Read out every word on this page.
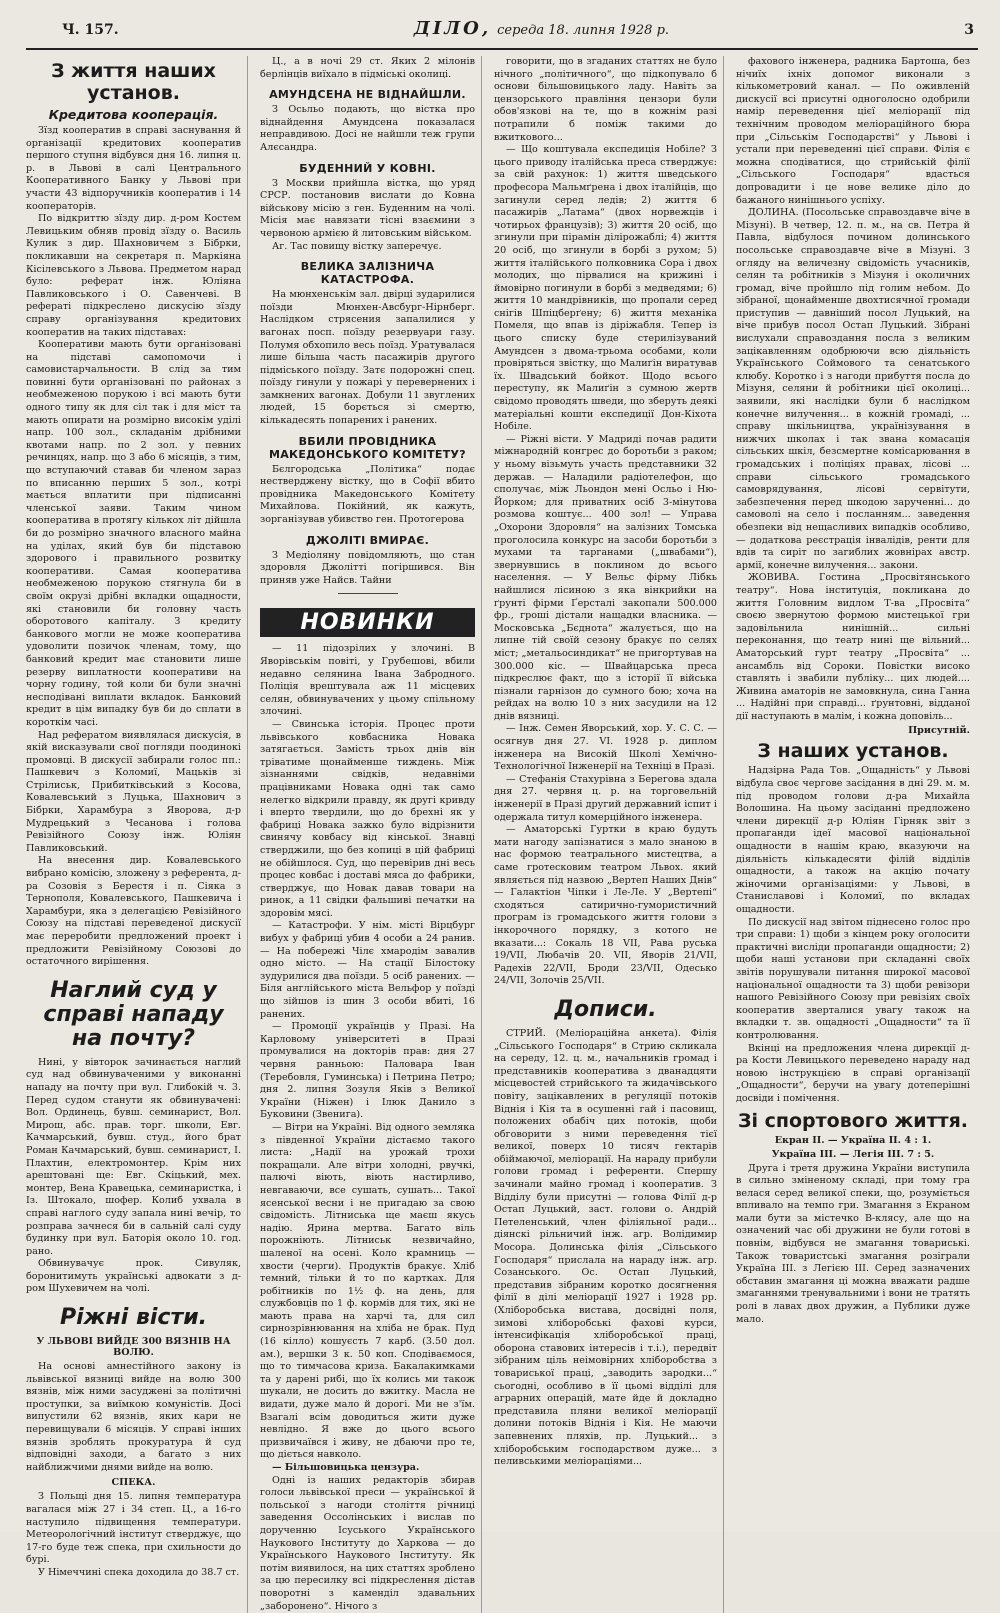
Ч. 157.	ДІЛО, середа 18. липня 1928 р.	3
З життя наших установ.
Кредитова кооперація.

Зїзд кооператив в справі заснування й організації кредитових кооператив першого ступня відбувся дня 16. липня ц. р. в Львові в салі Центрального Кооперативного Банку у Львові при участи 43 відпоручників кооператив і 14 кооператорів.

По відкриттю зїзду дир. д-ром Костем Левицьким обняв провід зїзду о. Василь Кулик з дир. Шахновичем з Бібрки, покликавши на секретаря п. Маркіяна Кісілевського з Львова. Предметом нарад було: реферат інж. Юліяна Павликовського і О. Савенчеві. В рефераті підкреслено дискусію зїзду справу організування кредитових кооператив на таких підставах:

Кооперативи мають бути організовані на підставі самопомочи і самовистарчальности. В слід за тим повинні бути організовані по районах з необмеженою порукою і всі мають бути одного типу як для сіл так і для міст та мають опирати на розмірно високім уділі напр. 100 зол., складанім дрібними квотами напр. по 2 зол. у певних речинцях, напр. що 3 або 6 місяців, з тим, що вступаючий ставав би членом зараз по вписанню перших 5 зол., котрі мається вплатити при підписанні членської заяви. Таким чином кооператива в протягу кількох літ дійшла би до розмірно значного власного майна на уділах, який був би підставою здорового і правильного розвитку кооперативи. Самая кооператива необмеженою порукою стягнула би в своїм окрузі дрібні вкладки ощадности, які становили би головну часть оборотового капіталу. З кредиту банкового могли не може кооператива удоволити позичок членам, тому, що банковий кредит має становити лише резерву виплатности кооперативи на чорну годину, той коли би були значні несподівані виплати вкладок. Банковий кредит в цім випадку був би до сплати в короткім часі.

Над рефератом виявлялася дискусія, в якій висказували свої погляди поодинокі промовці. В дискусії забирали голос пп.: Пашкевич з Коломиї, Мацьків зі Стрілиськ, Прибитківський з Косова, Ковалевський з Луцька, Шахнович з Бібрки, Харамбура з Яворова, д-р Мудрецький з Чесанова і голова Ревізійного Союзу інж. Юліян Павликовський.

На внесення дир. Ковалевського вибрано комісію, зложену з референта, д-ра Созовія з Берестя і п. Сіяка з Тернополя, Ковалевського, Пашкевича і Харамбури, яка з делегацією Ревізійного Союзу на підставі переведеної дискусії має переробити предложений проект і предложити Ревізійному Союзові до остаточного вирішення.

Наглий суд у справі нападу на почту?

Нині, у вівторок зачинається наглий суд над обвинуваченими у виконанні нападу на почту при вул. Глибокій ч. 3. Перед судом станути як обвинувачені: Вол. Ординець, бувш. семинарист, Вол. Мирош, абс. прав. торг. школи, Евг. Качмарський, бувш. студ., його брат Роман Качмарський, бувш. семинарист, І. Плахтин, електромонтер. Крім них арештовані ще: Евг. Скіцький, мех. монтер, Вена Кравецька, семинаристка, і Із. Штокало, шофер. Колиб ухвала в справі наглого суду запала нині вечір, то розправа зачнеся би в сальній салі суду будинку при вул. Баторія около 10. год. рано.

Обвинувачує прок. Сивуляк, боронитимуть українські адвокати з д-ром Шуxевичем на чолі.

Ріжні вісти.
У ЛЬВОВІ ВИЙДЕ 300 ВЯЗНІВ НА ВОЛЮ.

На основі амнестійного закону із львівської вязниці вийде на волю 300 вязнів, між ними засуджені за політичні проступки, за виїмкою комуністів. Досі випустили 62 вязнів, яких кари не перевищували 6 місяців. У справі інших вязнів зроблять прокуратура й суд відповідні заходи, а багато з них найближчими днями вийде на волю.

СПЕКА.

З Польщі дня 15. липня температура вагалася між 27 і 34 степ. Ц., а 16-го наступило підвищення температури. Метеорологічний інститут стверджує, що 17-го буде теж спека, при схильности до бурі.

У Німеччині спека доходила до 38.7 ст.

Ц., а в ночі 29 ст. Яких 2 мілонів берлінців виїхало в підміські околиці.

АМУНДСЕНА НЕ ВІДНАЙШЛИ.

З Осьльо подають, що вістка про віднайдення Амундсена показалася неправдивою. Досі не найшли теж групи Алєсандра.

БУДЕННИЙ У КОВНІ.

З Москви прийшла вістка, що уряд СРСР. постановив вислати до Ковна військову місію з ген. Буденним на чолі. Місія має навязати тісні взаємини з червоною армією й литовським військом.

Аг. Тас повищу вістку заперечує.

ВЕЛИКА ЗАЛІЗНИЧА КАТАСТРОФА.

На мюнхенськім зал. двірці зударилися поїзди Мюнхен-Авсбург-Нірнберг. Наслідком стрясения запалилися у вагонах посп. поїзду резервуари газу. Полумя обхопило весь поїзд. Уратувалася лише більша часть пасажирів другого підміського поїзду. Затє подорожні спец. поїзду гинули у пожарі у перевернених і замкнених вагонах. Добули 11 звуглених людей, 15 борється зі смертю, кількадесять попарених і ранених.

ВБИЛИ ПРОВІДНИКА МАКЕДОНСЬКОГО КОМІТЕТУ?

Бєлгородська „Політика“ подає нестверджену вістку, що в Софії вбито провідника Македонського Комітету Михайлова. Покійний, як кажуть, зорганізував убивство ген. Протогерова

ДЖОЛІТІ ВМИРАЄ.

З Медіоляну повідомляють, що стан здоровля Джолітті погіршився. Він приняв уже Найсв. Тайни

НОВИНКИ

— 11 підозрілих у злочині. В Яворівськім повіті, у Грубешові, вбили недавно селянина Івана Забродного. Поліція врештувала аж 11 місцевих селян, обвинувачених у цьому спільному злочині.

— Свинська історія. Процес проти львівського ковбасника Новака затягається. Замість трьох днів він тріватиме щонайменше тиждень. Між зізнаннями свідків, недавніми працівниками Новака одні так само нелегко відкрили правду, як другі кривду і вперто твердили, що до брехні як у фабриці Новака зажко було відрізнити свинячу ковбасу від кінської. Знавці стверджили, що без копиці в цій фабриці не обійшлося. Суд, що перевірив дні весь процес ковбас і доставі мяса до фабрики, стверджує, що Новак давав товари на ринок, а 11 свідки фальшиві печатки на здоровім мясі.

— Катастрофи. У нім. місті Вірцбург вибух у фабриці убив 4 особи а 24 ранив. — На побережі Чілє хмародім завалив одно місто. — На стації Білостоку зудурилися два поїзди. 5 осіб ранених. — Біля англійського міста Вельфор у поїзді що зійшов із шин 3 особи вбиті, 16 ранених.

— Промоції українців у Празі. На Карловому університеті в Празі промувалися на докторів прав: дня 27 червня ранньою: Паловара Іван (Теребовля, Гуминська) і Петрина Петро; дня 2. липня Зозуля Яків з Великої України (Ніжен) і Ілюк Данило з Буковини (Звенига).

— Вітри на Україні. Від одного земляка з південної України дістаємо такого листа: „Надії на урожай трохи покращали. Але вітри холодні, рвучкі, палючі віють, віють настирливо, невгаваючи, все сушать, сушать... Такої ясенської весни і не пригадаю за свою свідомість. Літниська ще маєш якусь надію. Ярина мертва. Багато віль порожніють. Літниськ незвичайно, шаленої на осені. Коло крамниць — хвости (черги). Продуктів бракує. Хліб темний, тільки й то по картках. Для робітників по 1½ ф. на день, для службовців по 1 ф. кормів для тих, які не мають права на харчі та, для сил сирнозрівнювання на хліба не брак. Пуд (16 кілло) кошуєсть 7 карб. (3.50 дол. ам.), вершки 3 к. 50 коп. Сподіваємося, що то тимчасова криза. Бакалакимками та у дарені рибі, що їх колись ми також шукали, не досить до вжитку. Масла не видати, дуже мало й дорогі. Ми не з'їм. Взагалі всім доводиться жити дуже невлідно. Я вже до цього всього призвичаївся і живу, не дбаючи про те, що діється навколо.

— Більшовицька цензура.

Одні із наших редакторів збирав голоси львівської преси — української й польської з нагоди століття річниці заведення Оссолінських і вислав по дорученню Ісуського Українського Наукового Інституту до Харкова — до Українського Наукового Інституту. Як потім виявилося, на цих статтях зроблено за цю пересилку всі підкреслення дістав поворотні з каменділ здавальних „заборонено“. Нічого з

говорити, що в згаданих статтях не було нічного „політичного“, що підкопувало б основи більшовицького ладу. Навіть за цензорського правління цензори були обов'язкові на те, що в кожнім разі потрапили б поміж такими до вжиткового...

— Що коштувала експедиція Нобіле? З цього приводу італійська преса стверджує: за свій рахунок: 1) життя шведського професора Мальмґрена і двох італійців, що загинули серед ледів; 2) життя 6 пасажирів „Латама“ (двох норвежців і чотирьох французів); 3) життя 20 осіб, що згинули при пірамін ділірожаблі; 4) життя 20 осіб, що згинули в борбі з рухом; 5) життя італійського полковника Сора і двох молодих, що пірвалися на крижині і ймовірно погинули в борбі з медведями; 6) життя 10 мандрівників, що пропали серед снігів Шпіцберґену; 6) життя механіка Помеля, що впав із діріжабля. Тепер із цього списку буде стерилізуваний Амундсен з двома-трьома особами, коли провіряться звістку, що Малиґін виратував їх. Швадський бойкот. Щодо всього переступу, як Малиґін з сумною жертв свідомо проводять шведи, що зберуть деякі матеріальні кошти експедиції Дон-Кіхота Нобіле.

— Ріжні вісти. У Мадриді почав радити міжнародній конгрес до боротьби з раком; у ньому візьмуть участь представники 32 держав. — Наладили радіотелефон, що сполучає, між Льондон мені Осльо і Ню-Йорком; для приватних осіб 3-мінутова розмова коштує... 400 зол! — Управа „Охорони Здоровля“ на залізних Томська проголосила конкурс на засоби боротьби з мухами та тарганами („швабами“), звернувшись в поклином до всього населення. — У Вельс фірму Лібкь найшлися лісиною з яка вінкрийки на ґрунті фірми Ґерсталі закопали 500.000 фр., гроші дістали нащадки власника. — Московська „Бєднота“ жалується, що на липне тій своїй сезону бракує по селях міст; „метальосиндикат“ не пригортував на 300.000 кіс. — Швайцарська преса підкреслює факт, що з історії її війська пізнали гарнізон до сумного бою; хоча на рейдах на волю 10 з них засудили на 12 днів вязниці.

— Інж. Семен Яворський, хор. У. С. С. — осягнув дня 27. VI. 1928 р. диплом інженера на Високій Школі Хемічно-Технологічної Інженерії на Техніці в Празі.

— Стефанія Стахурівна з Берегова здала дня 27. червня ц. р. на торговельній інженерії в Празі другий державний іспит і одержала титул комерційного інженера.

— Аматорські Гуртки в краю будуть мати нагоду запізнатися з мало знаною в нас формою театрального мистецтва, а саме гротесковим театром Львох. який являється під назвою „Вертеп Наших Днів“ — Галактіон Чіпки і Ле-Ле. У „Вертепі“ сходяться сатирично-гумористичний програм із громадського життя голови з інкорочного порядку, з котого не вказати...: Сокаль 18 VII, Рава руська 19/VII, Любачів 20. VII, Яворів 21/VII, Радехів 22/VII, Броди 23/VII, Одесько 24/VII, Золочів 25/VII.

Дописи.

СТРИЙ. (Меліораційна анкета). Філія „Сільського Господаря“ в Стрию скликала на середу, 12. ц. м., начальників громад і представників кооператива з дванадцяти місцевостей стрийського та жидачівського повіту, зацікавлених в регуляції потоків Віднія і Кія та в осушенні гай і пасовищ, положених обабіч цих потоків, щоби обговорити з ними переведення тієї великої, поверх 10 тисяч гектарів обіймаючої, меліорації. На нараду прибули голови громад і референти. Спершу зачинали майно громад і кооператив. З Відділу були присутні — голова Філії д-р Остап Луцький, заст. голови о. Андрій Петеленський, член філіяльної ради... діянскі рільничий інж. агр. Волідимир Мосора. Долинська філія „Сільського Господаря“ прислала на нараду інж. агр. Созанського. Ос. Остап Луцький, представив зібраним коротко досягнення філії в ділі меліорації 1927 і 1928 рр. (Хліборобська вистава, досвідні поля, зимові хліборобські фахові курси, інтенсифікація хліборобської праці, оборона ставових інтересів і т.і.), передвіт зібраним ціль неімовірних хліборобства з товариської праці, „заводить зародки...“ сьогодні, особливо в її цьомі відділі для аграрних операцій, мате йде й докладно представила пляни великої меліорації долини потоків Віднія і Кія. Не маючи запевнених пляхів, пр. Луцький... з хліборобським господарством дуже... з пеливськими меліораціями...

фахового інженера, радника Бартоша, без нічиїх іхніх допомог виконали з кількометровий канал. — По оживленій дискусії всі присутні одноголосно одобрили намір переведення цієї меліорації під технічним проводом меліораційного бюра при „Сільськім Господарстві“ у Львові і устали при переведенні цієї справи. Філія є можна сподіватися, що стрийській філії „Сільського Господаря“ вдасться допровадити і це нове велике діло до бажаного нинішнього успіху.

ДОЛИНА. (Посольське справоздавче віче в Мізуні). В четвер, 12. п. м., на св. Петра й Павла, відбулося почином долинського посольське справоздавче віче в Мізуні. З огляду на величезну свідомість учасників, селян та робітників з Мізуня і околичних громад, віче пройшло під голим небом. До зібраної, щонайменше двохтисячної громади приступив — давніший посол Луцький, на віче прибув посол Остап Луцький. Зібрані вислухали справоздання посла з великим зацікавленням одобрюючи всю діяльність Українського Соймового та сенатського клюбу. Коротко і з нагоди прибуття посла до Мізуня, селяни й робітники цієї околиці... заявили, які наслідки були б наслідком конечне вилучення... в кожній громаді, ... справу шкільництва, українізування в нижчих школах і так звана комасація сільських шкіл, безсмертне комісарювання в громадських і поліціях правах, лісові ... справи сільського громадського самоврядування, лісові сервітути, забезпечення перед шкодою зарученні... до самоволі на село і посланням... заведення обезпеки від нещасливих випадків особливо, — додаткова реєстрація інвалідів, ренти для вдів та сиріт по загиблих жовнірах австр. армії, конечне вилучення... закони.

ЖОВИВА. Гостина „Просвітянського театру“. Нова інституція, покликана до життя Головним видлом Т-ва „Просвіта“ своєю звернутою формою мистецької гри задовільнила нинішній... сильні переконання, що театр нині ще вільний... Аматорський гурт театру „Просвіта“ ... ансамбль від Сороки. Повістки високо ставлять і звабили публіку... цих людей.... Живина аматорів не замовкнула, сина Ганна ... Надійні при справді... ґрунтовні, відданої дії наступають в малім, і кожна доповіль...

Присутній.
З наших установ.

Надзірна Рада Тов. „Ощадність“ у Львові відбула своє чергове засідання в дні 29. м. м. під проводом голови д-ра Михайла Волошина. На цьому засіданні предложено члени дирекції д-р Юліян Гірняк звіт з пропаганди ідеї масової національної ощадности в нашім краю, вказуючи на діяльність кількадесяти філій відділів ощадности, а також на акцію почату жіночими організаціями: у Львові, в Станиславові і Коломиї, по вкладах ощадности.

По дискусії над звітом піднесено голос про три справи: 1) щоби з кінцем року оголосити практичні висліди пропаганди ощадности; 2) щоби наші установи при складанні своїх звітів порушували питання широкої масової національної ощадности та 3) щоби ревізори нашого Ревізійного Союзу при ревізіях своїх кооператив зверталися увагу також на вкладки т. зв. ощадності „Ощадности“ та її контролювання.

Вкінці на предложения члена дирекції д-ра Кости Левицького переведено нараду над новою інструкцією в справі організації „Ощадности“, беручи на увагу дотеперішні досвіди і помічення.

Зі спортового життя.
Екран II. — Україна II. 4 : 1.
Україна III. — Легія III. 7 : 5.

Друга і третя дружина України виступила в сильно зміненому складі, при тому гра велася серед великої спеки, що, розуміється впливало на темпо гри. Змагання з Екраном мали бути за містечко В-клясу, але що на означений час обі дружини не були готові в повнім, відбувся не змагання товариські. Також товаристські змагання розіграли Україна III. з Легією III. Серед зазначених обставин змагання ці можна вважати радше змаганнями тренувальними і вони не тратять ролі в лавах двох дружин, а Публики дуже мало.
